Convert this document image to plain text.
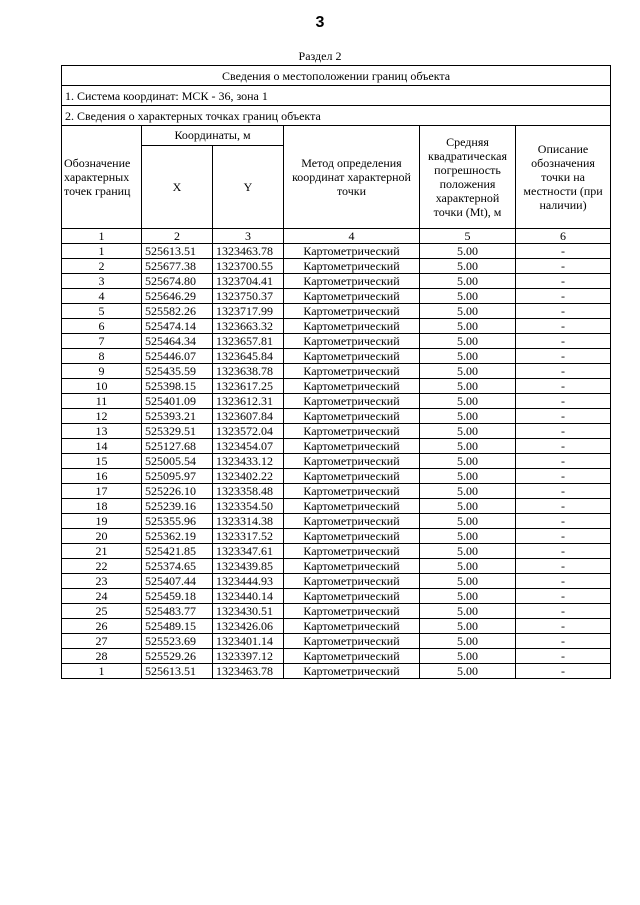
3
Раздел 2
Сведения о местоположении границ объекта					
1. Система координат: МСК - 36, зона 1					
2. Сведения о характерных точках границ объекта					
Обозначение характерных точек границ	Координаты, м		Метод определения координат характерной точки	Средняя квадратическая погрешность положения характерной точки (Mt), м	Описание обозначения точки на местности (при наличии)
	X	Y			
1	2	3	4	5	6
1	525613.51	1323463.78	Картометрический	5.00	-
2	525677.38	1323700.55	Картометрический	5.00	-
3	525674.80	1323704.41	Картометрический	5.00	-
4	525646.29	1323750.37	Картометрический	5.00	-
5	525582.26	1323717.99	Картометрический	5.00	-
6	525474.14	1323663.32	Картометрический	5.00	-
7	525464.34	1323657.81	Картометрический	5.00	-
8	525446.07	1323645.84	Картометрический	5.00	-
9	525435.59	1323638.78	Картометрический	5.00	-
10	525398.15	1323617.25	Картометрический	5.00	-
11	525401.09	1323612.31	Картометрический	5.00	-
12	525393.21	1323607.84	Картометрический	5.00	-
13	525329.51	1323572.04	Картометрический	5.00	-
14	525127.68	1323454.07	Картометрический	5.00	-
15	525005.54	1323433.12	Картометрический	5.00	-
16	525095.97	1323402.22	Картометрический	5.00	-
17	525226.10	1323358.48	Картометрический	5.00	-
18	525239.16	1323354.50	Картометрический	5.00	-
19	525355.96	1323314.38	Картометрический	5.00	-
20	525362.19	1323317.52	Картометрический	5.00	-
21	525421.85	1323347.61	Картометрический	5.00	-
22	525374.65	1323439.85	Картометрический	5.00	-
23	525407.44	1323444.93	Картометрический	5.00	-
24	525459.18	1323440.14	Картометрический	5.00	-
25	525483.77	1323430.51	Картометрический	5.00	-
26	525489.15	1323426.06	Картометрический	5.00	-
27	525523.69	1323401.14	Картометрический	5.00	-
28	525529.26	1323397.12	Картометрический	5.00	-
1	525613.51	1323463.78	Картометрический	5.00	-
